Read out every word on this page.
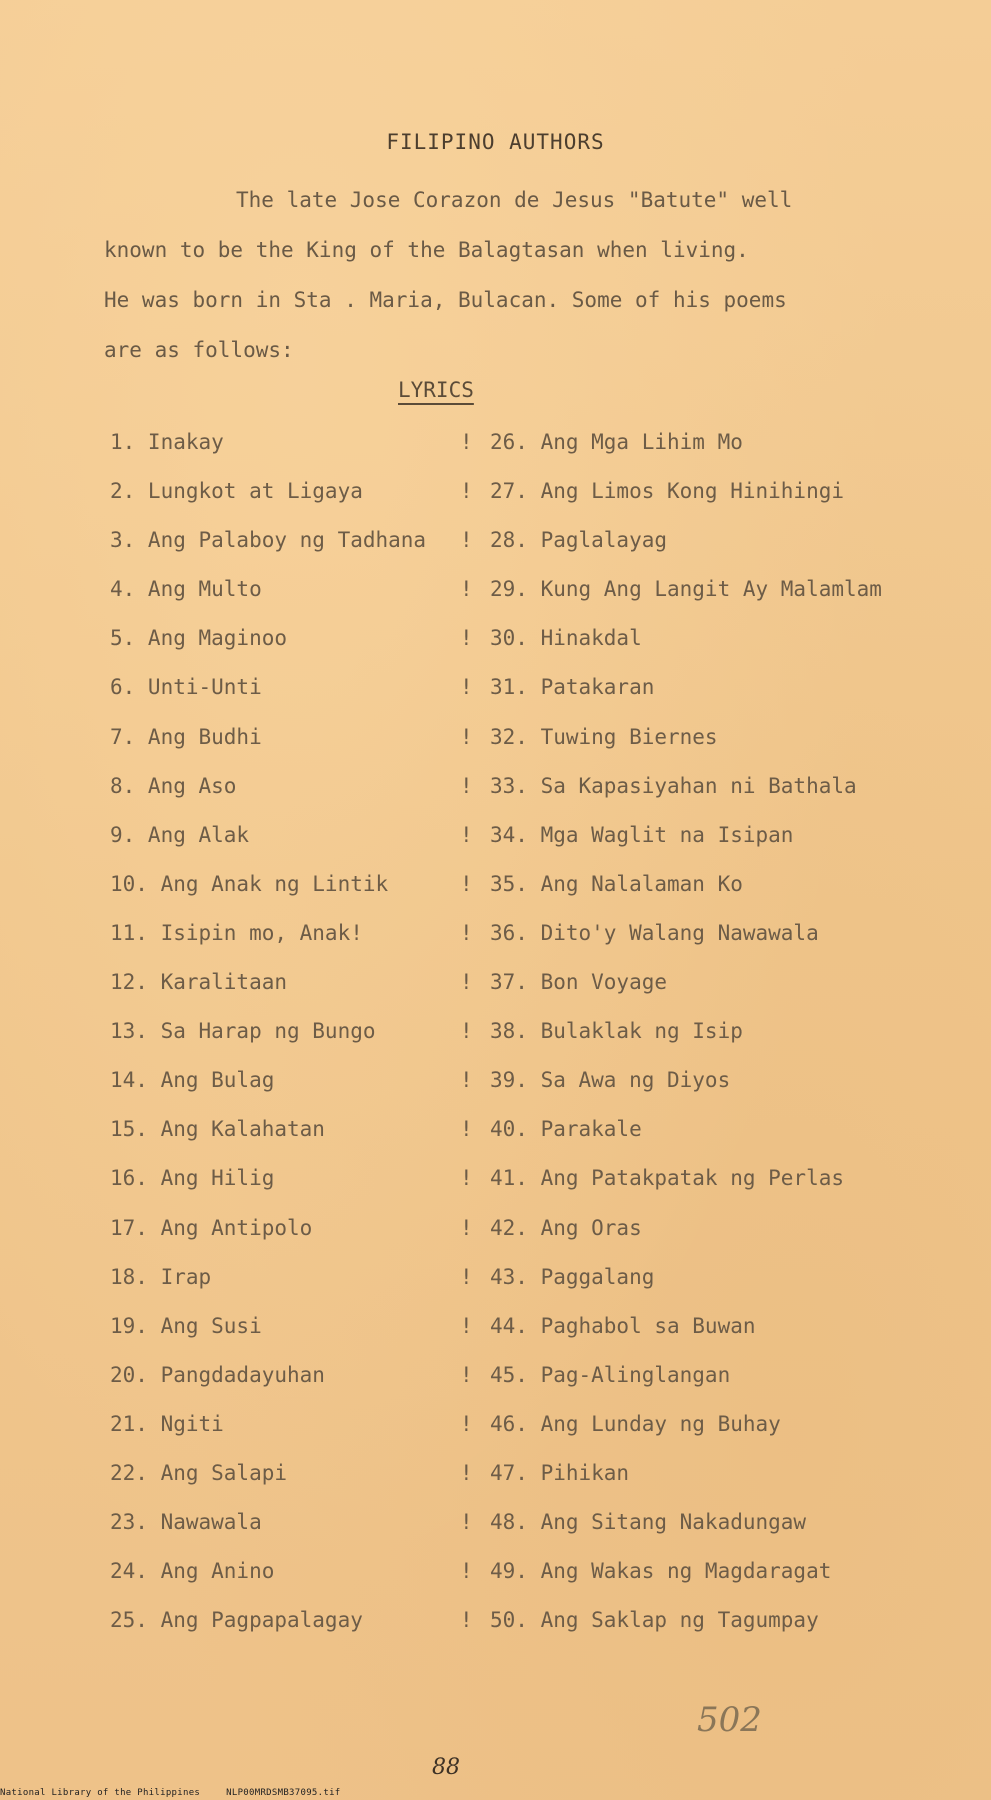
FILIPINO AUTHORS

The late Jose Corazon de Jesus "Batute" well

known to be the King of the Balagtasan when living.

He was born in Sta . Maria, Bulacan. Some of his poems

are as follows:

LYRICS
1. Inakay
2. Lungkot at Ligaya
3. Ang Palaboy ng Tadhana
4. Ang Multo
5. Ang Maginoo
6. Unti-Unti
7. Ang Budhi
8. Ang Aso
9. Ang Alak
10. Ang Anak ng Lintik
11. Isipin mo, Anak!
12. Karalitaan
13. Sa Harap ng Bungo
14. Ang Bulag
15. Ang Kalahatan
16. Ang Hilig
17. Ang Antipolo
18. Irap
19. Ang Susi
20. Pangdadayuhan
21. Ngiti
22. Ang Salapi
23. Nawawala
24. Ang Anino
25. Ang Pagpapalagay
! 26. Ang Mga Lihim Mo
! 27. Ang Limos Kong Hinihingi
! 28. Paglalayag
! 29. Kung Ang Langit Ay Malamlam
! 30. Hinakdal
! 31. Patakaran
! 32. Tuwing Biernes
! 33. Sa Kapasiyahan ni Bathala
! 34. Mga Waglit na Isipan
! 35. Ang Nalalaman Ko
! 36. Dito'y Walang Nawawala
! 37. Bon Voyage
! 38. Bulaklak ng Isip
! 39. Sa Awa ng Diyos
! 40. Parakale
! 41. Ang Patakpatak ng Perlas
! 42. Ang Oras
! 43. Paggalang
! 44. Paghabol sa Buwan
! 45. Pag-Alinglangan
! 46. Ang Lunday ng Buhay
! 47. Pihikan
! 48. Ang Sitang Nakadungaw
! 49. Ang Wakas ng Magdaragat
! 50. Ang Saklap ng Tagumpay
502
88
National Library of the Philippines	NLP00MRDSMB37095.tif
